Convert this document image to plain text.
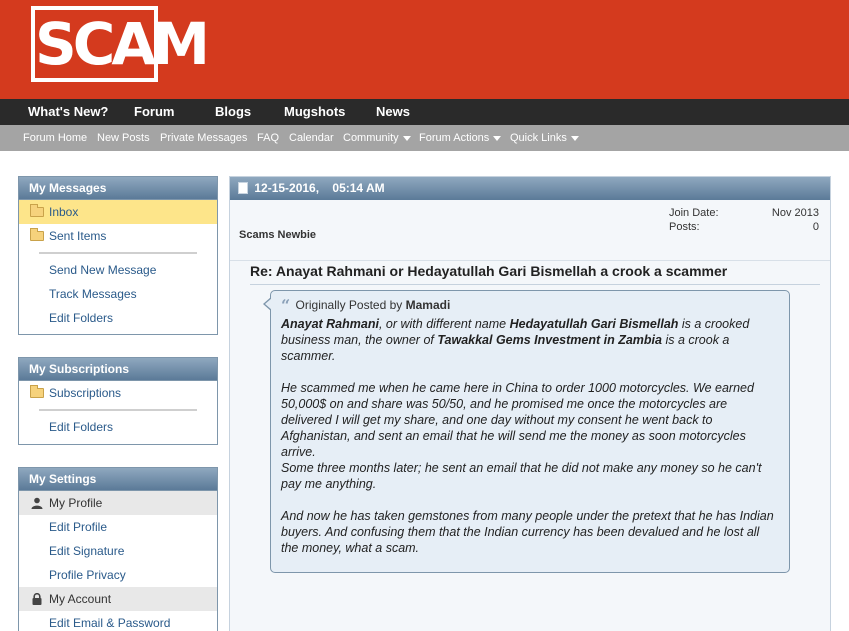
SCAM
What's New? Forum	Blogs	Mugshots News
Forum Home New Posts Private Messages FAQ Calendar Community	Forum Actions	Quick Links
My Messages
Inbox
Sent Items
Send New Message
Track Messages
Edit Folders
My Subscriptions
Subscriptions
Edit Folders
My Settings
My Profile
Edit Profile
Edit Signature
Profile Privacy
My Account
Edit Email & Password
12-15-2016, 05:14 AM
Scams Newbie
Join Date:	Nov 2013
Posts:	0
Re: Anayat Rahmani or Hedayatullah Gari Bismellah a crook a scammer
“ Originally Posted by Mamadi

Anayat Rahmani, or with different name Hedayatullah Gari Bismellah is a crooked business man, the owner of Tawakkal Gems Investment in Zambia is a crook a scammer.

He scammed me when he came here in China to order 1000 motorcycles. We earned 50,000$ on and share was 50/50, and he promised me once the motorcycles are delivered I will get my share, and one day without my consent he went back to Afghanistan, and sent an email that he will send me the money as soon motorcycles arrive.

Some three months later; he sent an email that he did not make any money so he can't pay me anything.

And now he has taken gemstones from many people under the pretext that he has Indian buyers. And confusing them that the Indian currency has been devalued and he lost all the money, what a scam.
